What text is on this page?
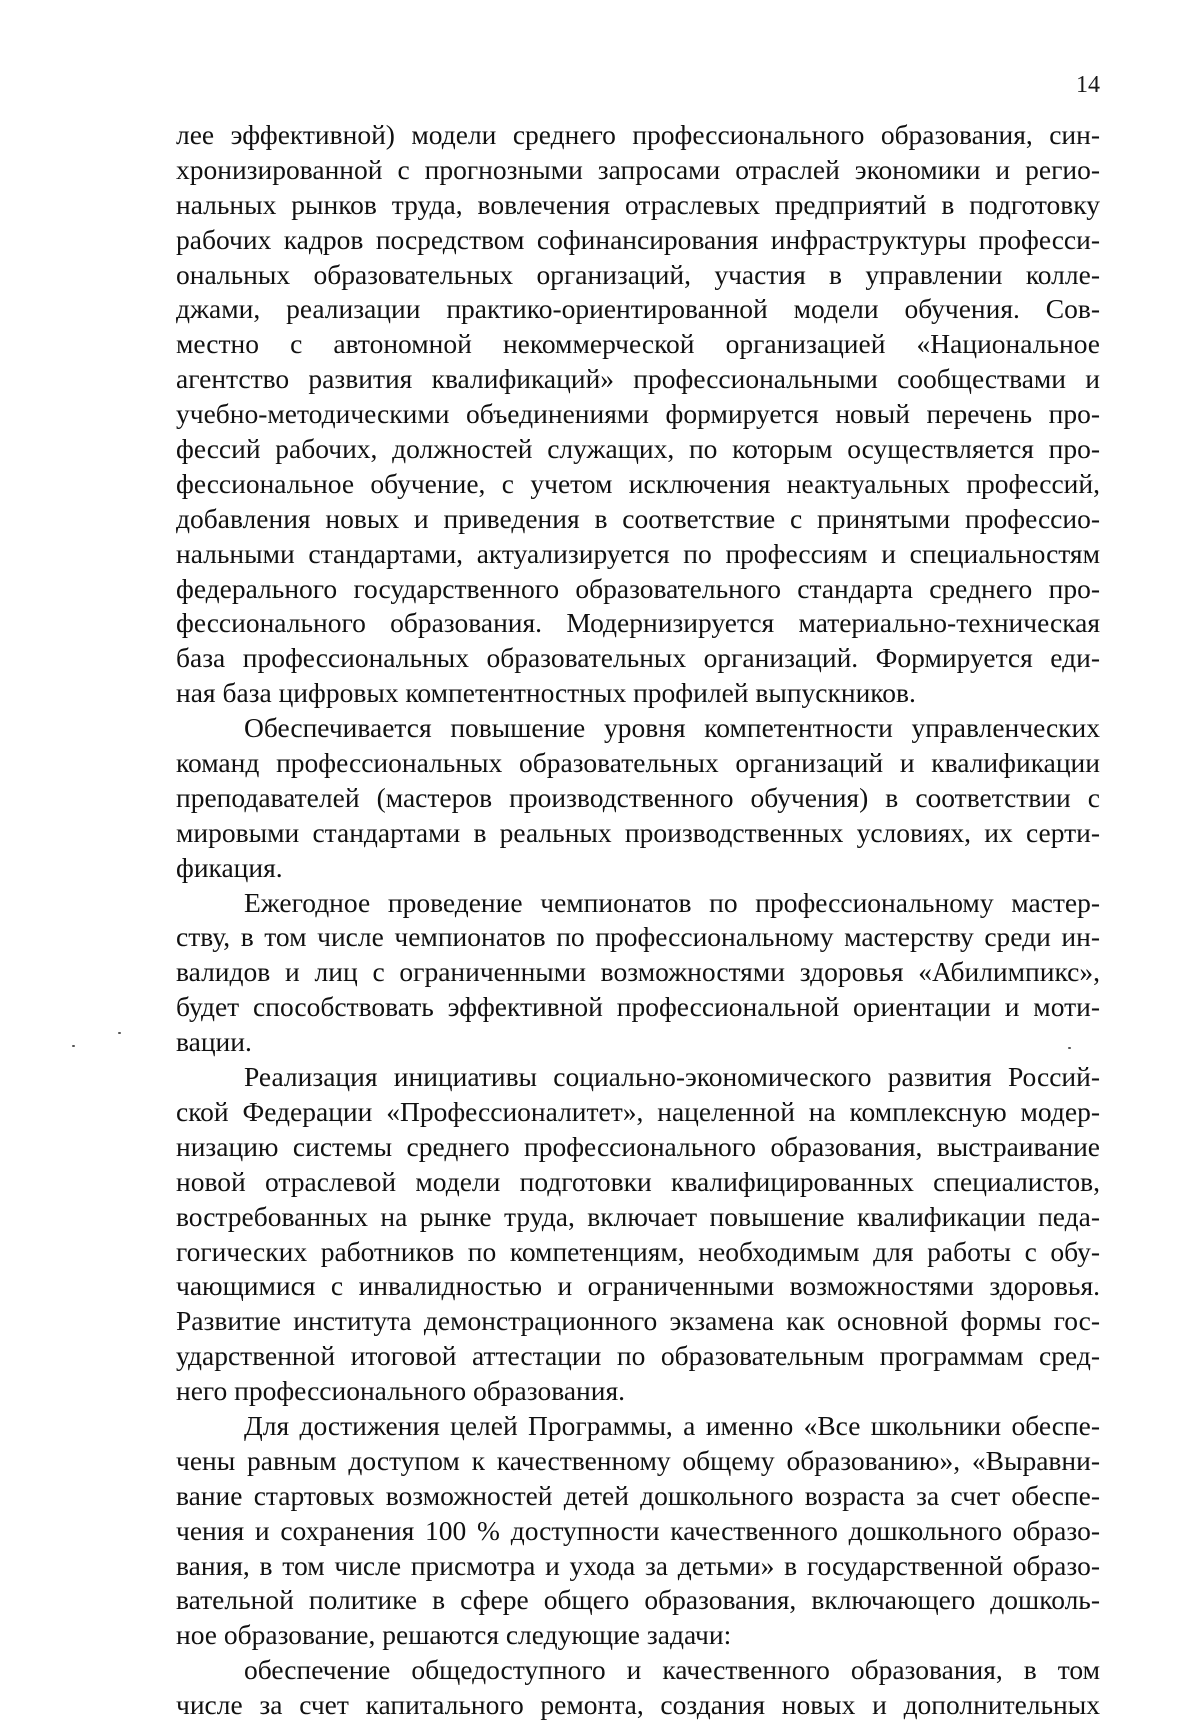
14
лее эффективной) модели среднего профессионального образования, син-
хронизированной с прогнозными запросами отраслей экономики и регио-
нальных рынков труда, вовлечения отраслевых предприятий в подготовку
рабочих кадров посредством софинансирования инфраструктуры професси-
ональных образовательных организаций, участия в управлении колле-
джами, реализации практико-ориентированной модели обучения. Сов-
местно с автономной некоммерческой организацией «Национальное
агентство развития квалификаций» профессиональными сообществами и
учебно-методическими объединениями формируется новый перечень про-
фессий рабочих, должностей служащих, по которым осуществляется про-
фессиональное обучение, с учетом исключения неактуальных профессий,
добавления новых и приведения в соответствие с принятыми профессио-
нальными стандартами, актуализируется по профессиям и специальностям
федерального государственного образовательного стандарта среднего про-
фессионального образования. Модернизируется материально-техническая
база профессиональных образовательных организаций. Формируется еди-
ная база цифровых компетентностных профилей выпускников.
Обеспечивается повышение уровня компетентности управленческих
команд профессиональных образовательных организаций и квалификации
преподавателей (мастеров производственного обучения) в соответствии с
мировыми стандартами в реальных производственных условиях, их серти-
фикация.
Ежегодное проведение чемпионатов по профессиональному мастер-
ству, в том числе чемпионатов по профессиональному мастерству среди ин-
валидов и лиц с ограниченными возможностями здоровья «Абилимпикс»,
будет способствовать эффективной профессиональной ориентации и моти-
вации.
Реализация инициативы социально-экономического развития Россий-
ской Федерации «Профессионалитет», нацеленной на комплексную модер-
низацию системы среднего профессионального образования, выстраивание
новой отраслевой модели подготовки квалифицированных специалистов,
востребованных на рынке труда, включает повышение квалификации педа-
гогических работников по компетенциям, необходимым для работы с обу-
чающимися с инвалидностью и ограниченными возможностями здоровья.
Развитие института демонстрационного экзамена как основной формы гос-
ударственной итоговой аттестации по образовательным программам сред-
него профессионального образования.
Для достижения целей Программы, а именно «Все школьники обеспе-
чены равным доступом к качественному общему образованию», «Выравни-
вание стартовых возможностей детей дошкольного возраста за счет обеспе-
чения и сохранения 100 % доступности качественного дошкольного образо-
вания, в том числе присмотра и ухода за детьми» в государственной образо-
вательной политике в сфере общего образования, включающего дошколь-
ное образование, решаются следующие задачи:
обеспечение общедоступного и качественного образования, в том
числе за счет капитального ремонта, создания новых и дополнительных
